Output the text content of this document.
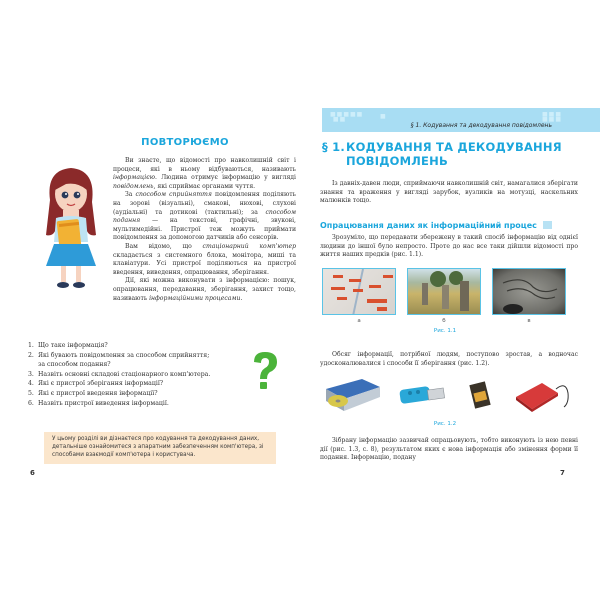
ПОВТОРЮЄМО

Ви знаєте, що відомості про навколишній світ і процеси, які в ньому відбуваються, називають інформацією. Людина отримує інформацію у вигляді повідомлень, які сприймає органами чуття.

За способом сприйняття повідомлення поділяють на зорові (візуальні), смакові, нюхові, слухові (аудіальні) та дотикові (тактильні); за способом подання — на текстові, графічні, звукові, мультимедійні. Пристрої теж можуть приймати повідомлення за допомогою датчиків або сенсорів.

Вам відомо, що стаціонарний комп'ютер складається з системного блока, монітора, миші та клавіатури. Усі пристрої поділяються на пристрої введення, виведення, опрацювання, зберігання.

Дії, які можна виконувати з інформацією: пошук, опрацювання, передавання, зберігання, захист тощо, називають інформаційними процесами.

1. Що таке інформація?
2. Які бувають повідомлення за способом сприйняття;
за способом подання?
3. Назвіть основні складові стаціонарного комп'ютера.
4. Які є пристрої зберігання інформації?
5. Які є пристрої введення інформації?
6. Назвіть пристрої виведення інформації.
У цьому розділі ви дізнаєтеся про кодування та декодування даних, детальніше ознайомитеся з апаратним забезпеченням комп'ютера, зі способами взаємодії комп'ютера і користувача.
6
■■■■■
■■	■	■■■
■■■
§ 1. Кодування та декодування повідомлень
§ 1.КОДУВАННЯ ТА ДЕКОДУВАННЯ
ПОВІДОМЛЕНЬ

Із давніх-давен люди, сприймаючи навколишній світ, намагалися зберігати знання та враження у вигляді зарубок, вузликів на мотузці, наскельних малюнків тощо.

Опрацювання даних як інформаційний процес

Зрозуміло, що передавати збережену в такий спосіб інформацію від однієї людини до іншої було непросто. Проте до нас все таки дійшли відомості про життя наших предків (рис. 1.1).

а	б	в
Рис. 1.1

Обсяг інформації, потрібної людям, поступово зростав, а водночас удосконалювалися і способи її зберігання (рис. 1.2).

Рис. 1.2

Зібрану інформацію зазвичай опрацьовують, тобто виконують із нею певні дії (рис. 1.3, с. 8), результатом яких є нова інформація або змінення форми її подання. Інформацію, подану

7
